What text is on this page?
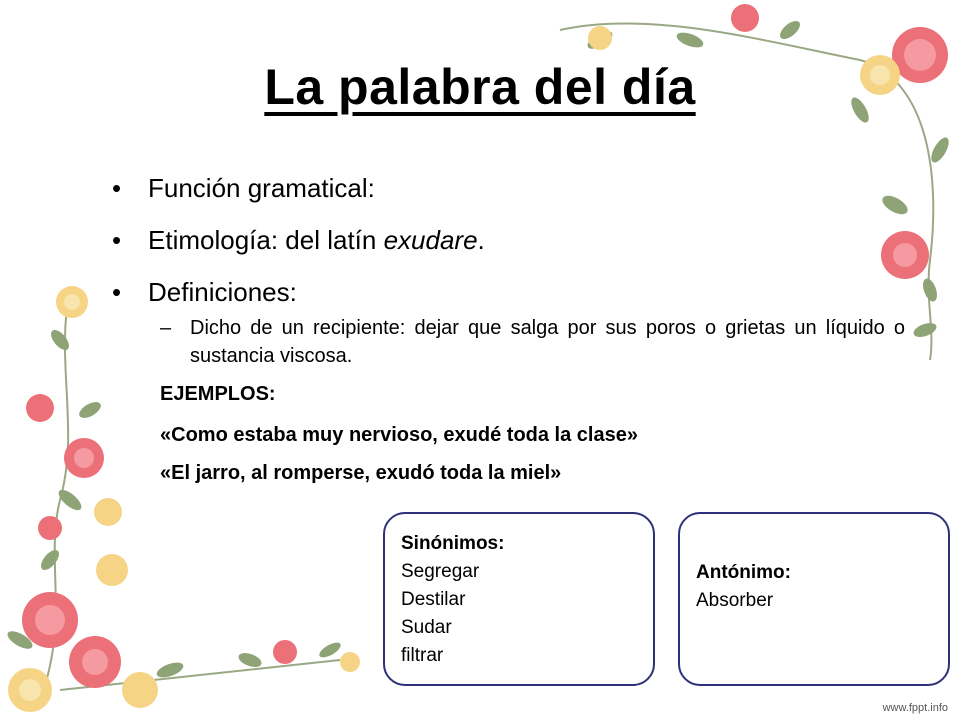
La palabra del día
• Función gramatical:
• Etimología: del latín exudare.
• Definiciones:
– Dicho de un recipiente: dejar que salga por sus poros o grietas un líquido o sustancia viscosa.
EJEMPLOS:
«Como estaba muy nervioso, exudé toda la clase»
«El jarro, al romperse, exudó toda la miel»
Sinónimos:
Segregar
Destilar
Sudar
filtrar
Antónimo:
Absorber
www.fppt.info
